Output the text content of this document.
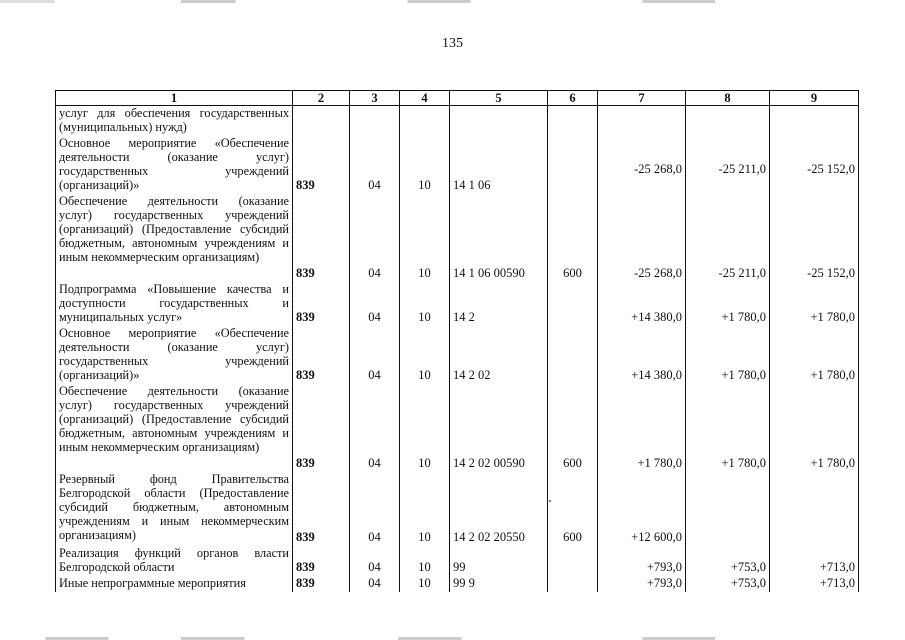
135
1	2	3	4	5	6	7	8	9
услуг для обеспечения государственных (муниципальных) нужд)								
Основное мероприятие «Обеспечение деятельности (оказание услуг) государственных учреждений (организаций)»	839	04	10	14 1 06		-25 268,0	-25 211,0	-25 152,0
Обеспечение деятельности (оказание услуг) государственных учреждений (организаций) (Предоставление субсидий бюджетным, автономным учреждениям и иным некоммерческим организациям)	839	04	10	14 1 06 00590	600	-25 268,0	-25 211,0	-25 152,0
Подпрограмма «Повышение качества и доступности государственных и муниципальных услуг»	839	04	10	14 2		+14 380,0	+1 780,0	+1 780,0
Основное мероприятие «Обеспечение деятельности (оказание услуг) государственных учреждений (организаций)»	839	04	10	14 2 02		+14 380,0	+1 780,0	+1 780,0
Обеспечение деятельности (оказание услуг) государственных учреждений (организаций) (Предоставление субсидий бюджетным, автономным учреждениям и иным некоммерческим организациям)	839	04	10	14 2 02 00590	600	+1 780,0	+1 780,0	+1 780,0
Резервный фонд Правительства Белгородской области (Предоставление субсидий бюджетным, автономным учреждениям и иным некоммерческим организациям)	839	04	10	14 2 02 20550	600	+12 600,0		
Реализация функций органов власти Белгородской области	839	04	10	99		+793,0	+753,0	+713,0
Иные непрограммные мероприятия	839	04	10	99 9		+793,0	+753,0	+713,0
